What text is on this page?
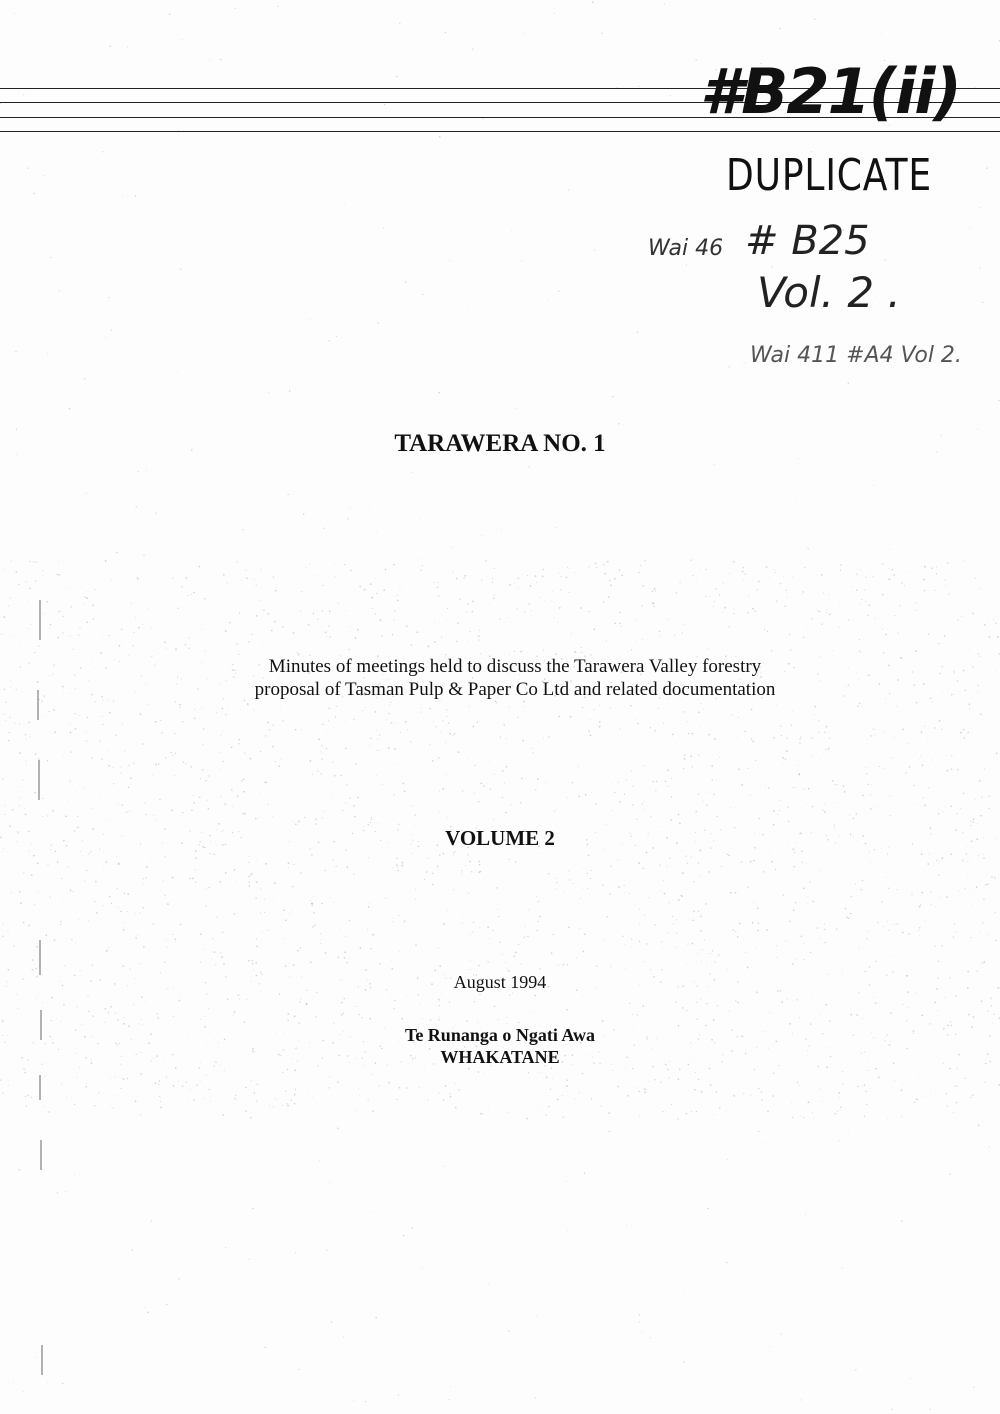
#B21(ii)
DUPLICATE
Wai 46 # B25
Vol. 2 .
Wai 411 #A4 Vol 2.
TARAWERA NO. 1
Minutes of meetings held to discuss the Tarawera Valley forestry
proposal of Tasman Pulp & Paper Co Ltd and related documentation
VOLUME 2
August 1994
Te Runanga o Ngati Awa
WHAKATANE
